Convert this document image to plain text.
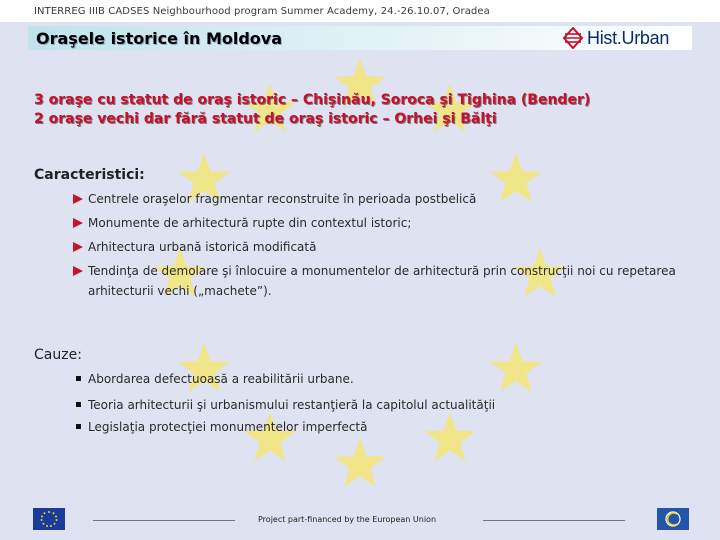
INTERREG IIIB CADSES Neighbourhood program Summer Academy, 24.-26.10.07, Oradea
Oraşele istorice în Moldova	Hist.Urban
3 oraşe cu statut de oraş istoric – Chişinău, Soroca şi Tighina (Bender)
2 oraşe vechi dar fără statut de oraş istoric – Orhei şi Bălţi
Caracteristici:
Centrele oraşelor fragmentar reconstruite în perioada postbelică
Monumente de arhitectură rupte din contextul istoric;
Arhitectura urbană istorică modificată
Tendinţa de demolare şi înlocuire a monumentelor de arhitectură prin construcţii noi cu repetarea arhitecturii vechi („machete”).
Cauze:
Abordarea defectuoasă a reabilitării urbane.
Teoria arhitecturii şi urbanismului restanţieră la capitolul actualităţii
Legislaţia protecţiei monumentelor imperfectă
Project part-financed by the European Union
